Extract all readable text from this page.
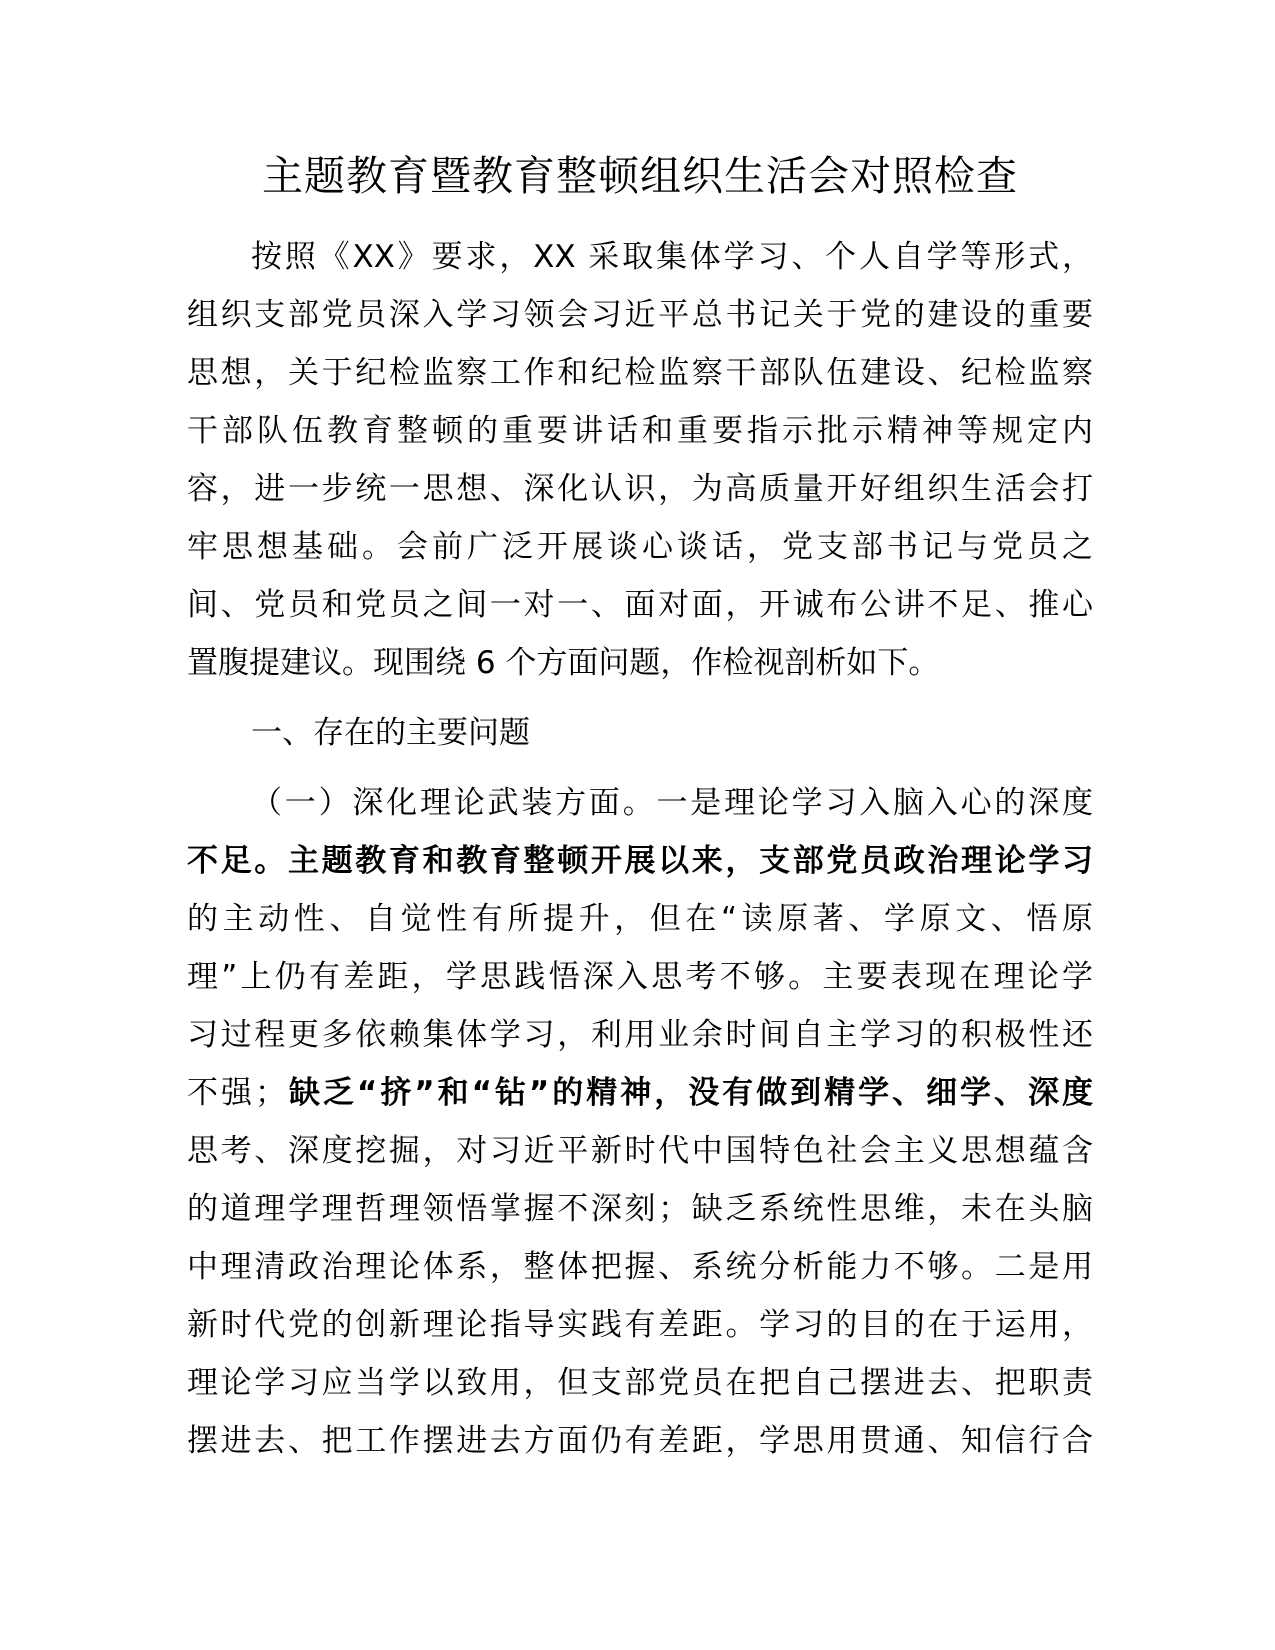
主题教育暨教育整顿组织生活会对照检查

按照《XX》要求，XX 采取集体学习、个人自学等形式，

组织支部党员深入学习领会习近平总书记关于党的建设的重要

思想，关于纪检监察工作和纪检监察干部队伍建设、纪检监察

干部队伍教育整顿的重要讲话和重要指示批示精神等规定内

容，进一步统一思想、深化认识，为高质量开好组织生活会打

牢思想基础。会前广泛开展谈心谈话，党支部书记与党员之

间、党员和党员之间一对一、面对面，开诚布公讲不足、推心

置腹提建议。现围绕 6 个方面问题，作检视剖析如下。

一、存在的主要问题

（一）深化理论武装方面。一是理论学习入脑入心的深度

不足。主题教育和教育整顿开展以来，支部党员政治理论学习

的主动性、自觉性有所提升，但在“读原著、学原文、悟原

理”上仍有差距，学思践悟深入思考不够。主要表现在理论学

习过程更多依赖集体学习，利用业余时间自主学习的积极性还

不强；缺乏“挤”和“钻”的精神，没有做到精学、细学、深度

思考、深度挖掘，对习近平新时代中国特色社会主义思想蕴含

的道理学理哲理领悟掌握不深刻；缺乏系统性思维，未在头脑

中理清政治理论体系，整体把握、系统分析能力不够。二是用

新时代党的创新理论指导实践有差距。学习的目的在于运用，

理论学习应当学以致用，但支部党员在把自己摆进去、把职责

摆进去、把工作摆进去方面仍有差距，学思用贯通、知信行合
